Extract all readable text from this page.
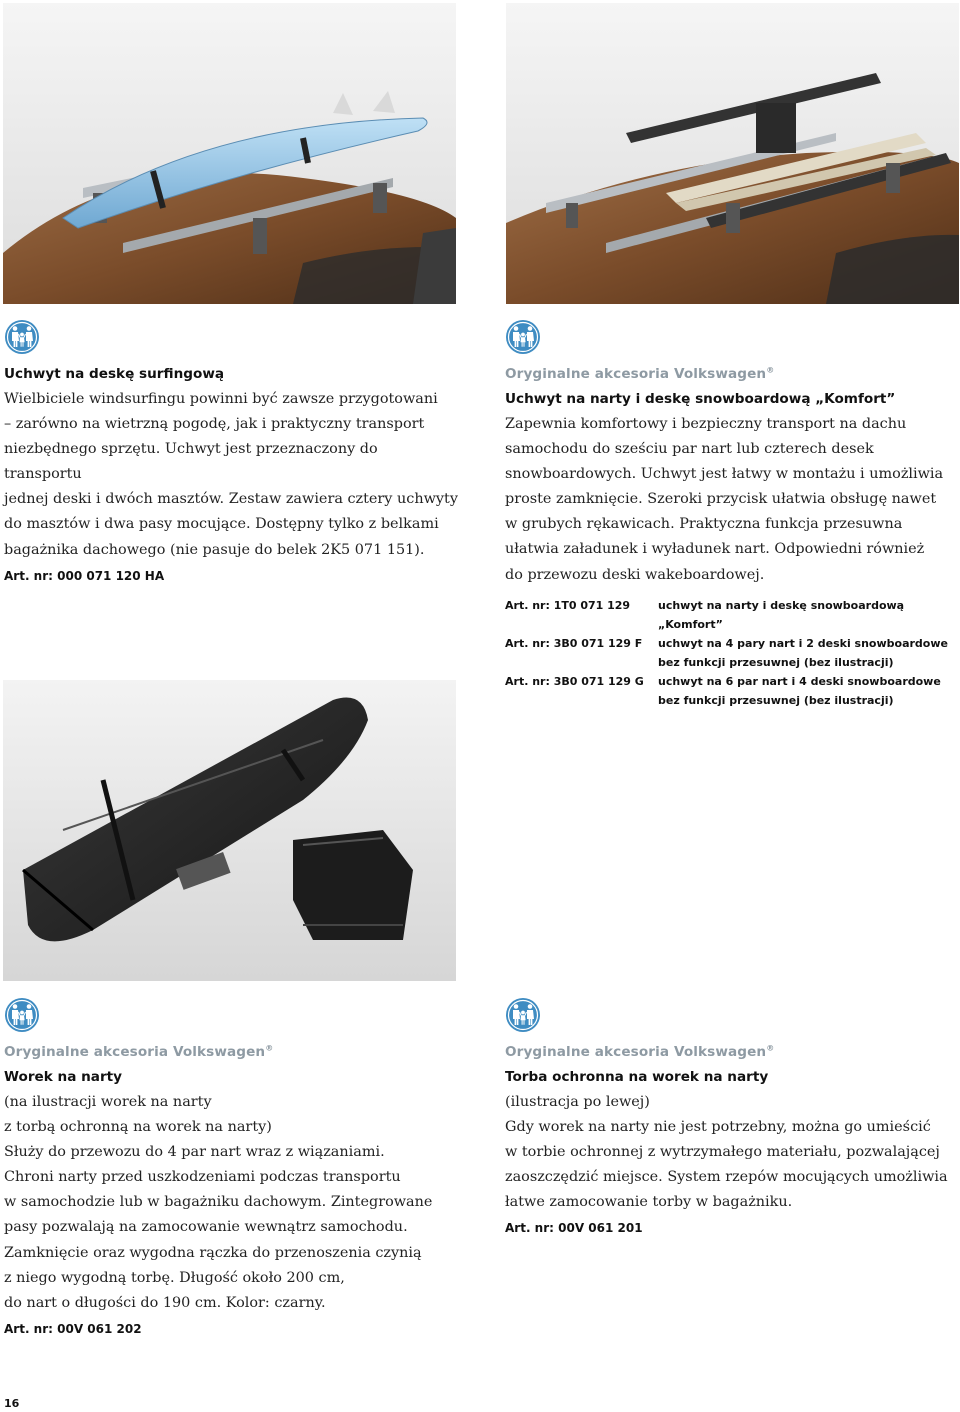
Uchwyt na deskę surfingową

Wielbiciele windsurfingu powinni być zawsze przygotowani
– zarówno na wietrzną pogodę, jak i praktyczny transport
niezbędnego sprzętu. Uchwyt jest przeznaczony do transportu
jednej deski i dwóch masztów. Zestaw zawiera cztery uchwyty
do masztów i dwa pasy mocujące. Dostępny tylko z belkami
bagażnika dachowego (nie pasuje do belek 2K5 071 151).

Art. nr: 000 071 120 HA
Oryginalne akcesoria Volkswagen®
Uchwyt na narty i deskę snowboardową „Komfort”

Zapewnia komfortowy i bezpieczny transport na dachu
samochodu do sześciu par nart lub czterech desek
snowboardowych. Uchwyt jest łatwy w montażu i umożliwia
proste zamknięcie. Szeroki przycisk ułatwia obsługę nawet
w grubych rękawicach. Praktyczna funkcja przesuwna
ułatwia załadunek i wyładunek nart. Odpowiedni również
do przewozu deski wakeboardowej.

Art. nr: 1T0 071 129	uchwyt na narty i deskę snowboardową „Komfort”
Art. nr: 3B0 071 129 F	uchwyt na 4 pary nart i 2 deski snowboardowe
bez funkcji przesuwnej (bez ilustracji)
Art. nr: 3B0 071 129 G	uchwyt na 6 par nart i 4 deski snowboardowe
bez funkcji przesuwnej (bez ilustracji)
Oryginalne akcesoria Volkswagen®
Worek na narty

(na ilustracji worek na narty
z torbą ochronną na worek na narty)
Służy do przewozu do 4 par nart wraz z wiązaniami.
Chroni narty przed uszkodzeniami podczas transportu
w samochodzie lub w bagażniku dachowym. Zintegrowane
pasy pozwalają na zamocowanie wewnątrz samochodu.
Zamknięcie oraz wygodna rączka do przenoszenia czynią
z niego wygodną torbę. Długość około 200 cm,
do nart o długości do 190 cm. Kolor: czarny.

Art. nr: 00V 061 202
Oryginalne akcesoria Volkswagen®
Torba ochronna na worek na narty

(ilustracja po lewej)
Gdy worek na narty nie jest potrzebny, można go umieścić
w torbie ochronnej z wytrzymałego materiału, pozwalającej
zaoszczędzić miejsce. System rzepów mocujących umożliwia
łatwe zamocowanie torby w bagażniku.

Art. nr: 00V 061 201
16
